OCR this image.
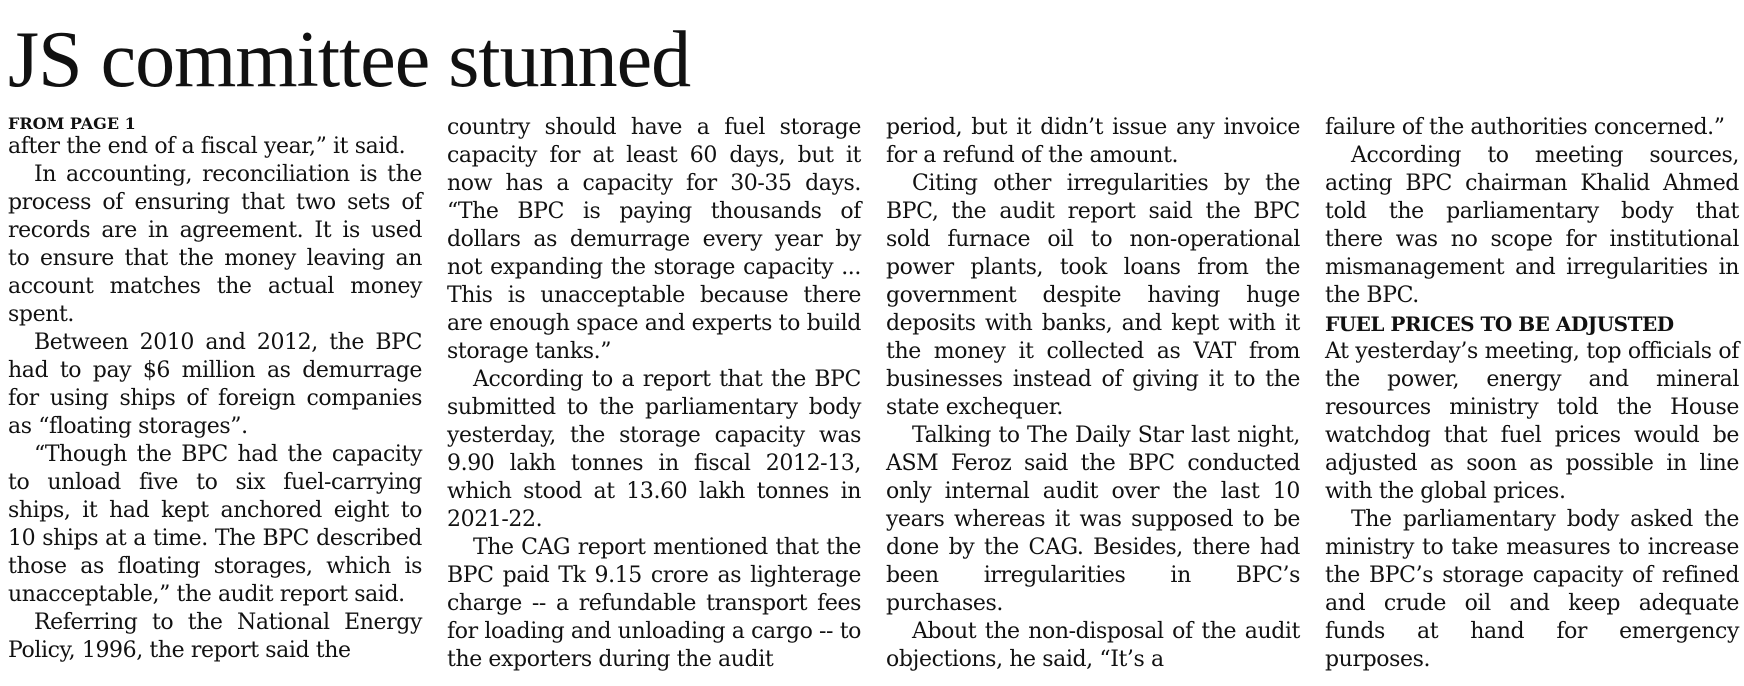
JS committee stunned
FROM PAGE 1

after the end of a fiscal year,” it said.

In accounting, reconciliation is the process of ensuring that two sets of records are in agreement. It is used to ensure that the money leaving an account matches the actual money spent.

Between 2010 and 2012, the BPC had to pay $6 million as demurrage for using ships of foreign companies as “floating storages”.

“Though the BPC had the capacity to unload five to six fuel-carrying ships, it had kept anchored eight to 10 ships at a time. The BPC described those as floating storages, which is unacceptable,” the audit report said.

Referring to the National Energy Policy, 1996, the report said the

country should have a fuel storage capacity for at least 60 days, but it now has a capacity for 30-35 days. “The BPC is paying thousands of dollars as demurrage every year by not expanding the storage capacity ... This is unacceptable because there are enough space and experts to build storage tanks.”

According to a report that the BPC submitted to the parliamentary body yesterday, the storage capacity was 9.90 lakh tonnes in fiscal 2012-13, which stood at 13.60 lakh tonnes in 2021-22.

The CAG report mentioned that the BPC paid Tk 9.15 crore as lighterage charge -- a refundable transport fees for loading and unloading a cargo -- to the exporters during the audit

period, but it didn’t issue any invoice for a refund of the amount.

Citing other irregularities by the BPC, the audit report said the BPC sold furnace oil to non-operational power plants, took loans from the government despite having huge deposits with banks, and kept with it the money it collected as VAT from businesses instead of giving it to the state exchequer.

Talking to The Daily Star last night, ASM Feroz said the BPC conducted only internal audit over the last 10 years whereas it was supposed to be done by the CAG. Besides, there had been irregularities in BPC’s purchases.

About the non-disposal of the audit objections, he said, “It’s a

failure of the authorities concerned.”

According to meeting sources, acting BPC chairman Khalid Ahmed told the parliamentary body that there was no scope for institutional mismanagement and irregularities in the BPC.

FUEL PRICES TO BE ADJUSTED

At yesterday’s meeting, top officials of the power, energy and mineral resources ministry told the House watchdog that fuel prices would be adjusted as soon as possible in line with the global prices.

The parliamentary body asked the ministry to take measures to increase the BPC’s storage capacity of refined and crude oil and keep adequate funds at hand for emergency purposes.
